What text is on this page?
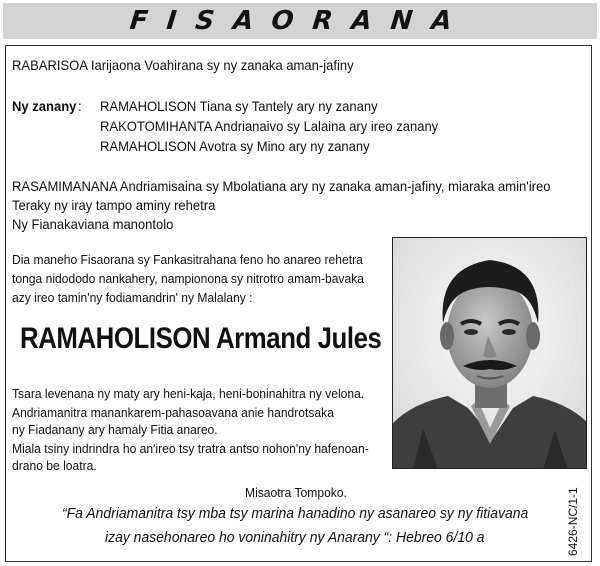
FISAORANA
RABARISOA Iarijaona Voahirana sy ny zanaka aman-jafiny
Ny zanany : RAMAHOLISON Tiana sy Tantely ary ny zanany
RAKOTOMIHANTA Andrianaivo sy Lalaina ary ireo zanany
RAMAHOLISON Avotra sy Mino ary ny zanany
RASAMIMANANA Andriamisaina sy Mbolatiana ary ny zanaka aman-jafiny, miaraka amin'ireo
Teraky ny iray tampo aminy rehetra
Ny Fianakaviana manontolo
Dia maneho Fisaorana sy Fankasitrahana feno ho anareo rehetra
tonga nidododo nankahery, nampionona sy nitrotro amam-bavaka
azy ireo tamin'ny fodiamandrin' ny Malalany :
RAMAHOLISON Armand Jules
Tsara levenana ny maty ary heni-kaja, heni-boninahitra ny velona.
Andriamanitra manankarem-pahasoavana anie handrotsaka
ny Fiadanany ary hamaly Fitia anareo.
Miala tsiny indrindra ho an'ireo tsy tratra antso nohon'ny hafenoan-
drano be loatra.
Misaotra Tompoko.
“Fa Andriamanitra tsy mba tsy marina hanadino ny asanareo sy ny fitiavana
izay nasehonareo ho voninahitry ny Anarany “: Hebreo 6/10 a	6426-NC/1-1
